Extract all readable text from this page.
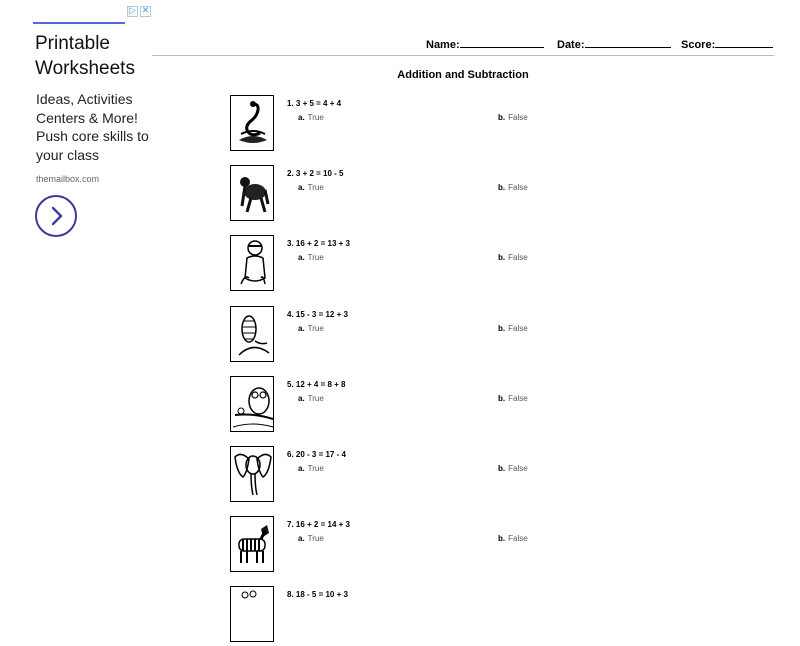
▷ ✕
Printable Worksheets
Ideas, Activities Centers & More! Push core skills to your class
themailbox.com
Name:	Date:	Score:
Addition and Subtraction
1. 3 + 5 = 4 + 4
a. True	b. False
2. 3 + 2 = 10 - 5
a. True	b. False
3. 16 + 2 = 13 + 3
a. True	b. False
4. 15 - 3 = 12 + 3
a. True	b. False
5. 12 + 4 = 8 + 8
a. True	b. False
6. 20 - 3 = 17 - 4
a. True	b. False
7. 16 + 2 = 14 + 3
a. True	b. False
8. 18 - 5 = 10 + 3
